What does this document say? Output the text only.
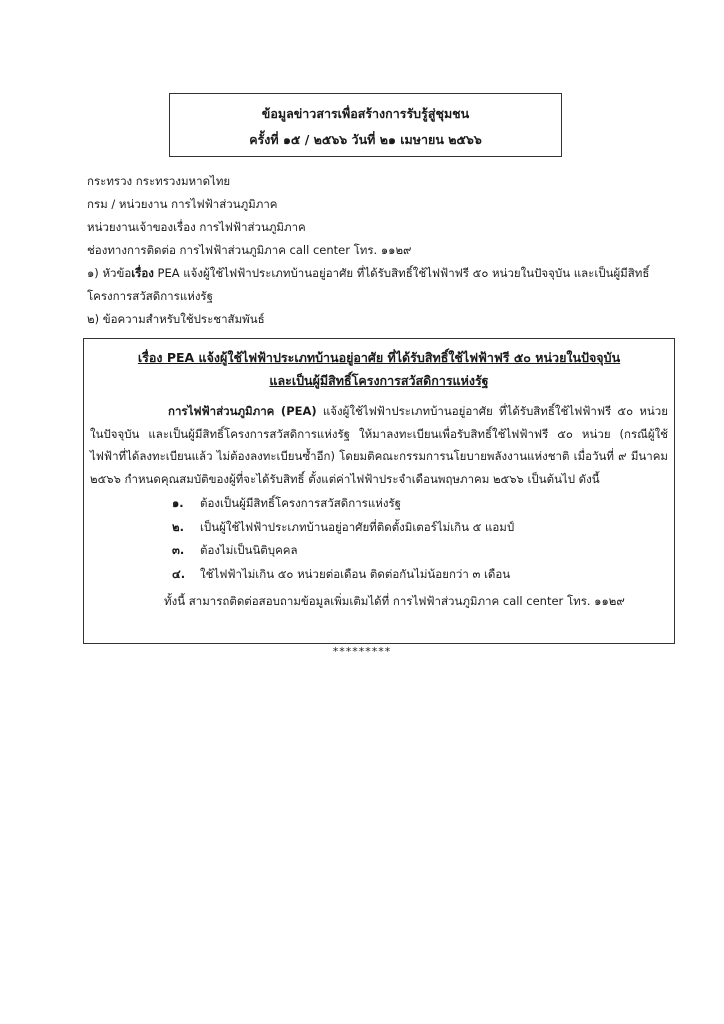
ข้อมูลข่าวสารเพื่อสร้างการรับรู้สู่ชุมชน
ครั้งที่ ๑๕ / ๒๕๖๖ วันที่ ๒๑ เมษายน ๒๕๖๖
กระทรวง กระทรวงมหาดไทย
กรม / หน่วยงาน การไฟฟ้าส่วนภูมิภาค
หน่วยงานเจ้าของเรื่อง การไฟฟ้าส่วนภูมิภาค
ช่องทางการติดต่อ การไฟฟ้าส่วนภูมิภาค call center โทร. ๑๑๒๙
๑) หัวข้อเรื่อง PEA แจ้งผู้ใช้ไฟฟ้าประเภทบ้านอยู่อาศัย ที่ได้รับสิทธิ์ใช้ไฟฟ้าฟรี ๕๐ หน่วยในปัจจุบัน และเป็นผู้มีสิทธิ์โครงการสวัสดิการแห่งรัฐ
๒) ข้อความสำหรับใช้ประชาสัมพันธ์
เรื่อง PEA แจ้งผู้ใช้ไฟฟ้าประเภทบ้านอยู่อาศัย ที่ได้รับสิทธิ์ใช้ไฟฟ้าฟรี ๕๐ หน่วยในปัจจุบัน
และเป็นผู้มีสิทธิ์โครงการสวัสดิการแห่งรัฐ
การไฟฟ้าส่วนภูมิภาค (PEA) แจ้งผู้ใช้ไฟฟ้าประเภทบ้านอยู่อาศัย ที่ได้รับสิทธิ์ใช้ไฟฟ้าฟรี ๕๐ หน่วย ในปัจจุบัน และเป็นผู้มีสิทธิ์โครงการสวัสดิการแห่งรัฐ ให้มาลงทะเบียนเพื่อรับสิทธิ์ใช้ไฟฟ้าฟรี ๕๐ หน่วย (กรณีผู้ใช้ไฟฟ้าที่ได้ลงทะเบียนแล้ว ไม่ต้องลงทะเบียนซ้ำอีก) โดยมติคณะกรรมการนโยบายพลังงานแห่งชาติ เมื่อวันที่ ๙ มีนาคม ๒๕๖๖ กำหนดคุณสมบัติของผู้ที่จะได้รับสิทธิ์ ตั้งแต่ค่าไฟฟ้าประจำเดือนพฤษภาคม ๒๕๖๖ เป็นต้นไป ดังนี้
๑.	ต้องเป็นผู้มีสิทธิ์โครงการสวัสดิการแห่งรัฐ
๒.	เป็นผู้ใช้ไฟฟ้าประเภทบ้านอยู่อาศัยที่ติดตั้งมิเตอร์ไม่เกิน ๕ แอมป์
๓.	ต้องไม่เป็นนิติบุคคล
๔.	ใช้ไฟฟ้าไม่เกิน ๕๐ หน่วยต่อเดือน ติดต่อกันไม่น้อยกว่า ๓ เดือน
ทั้งนี้ สามารถติดต่อสอบถามข้อมูลเพิ่มเติมได้ที่ การไฟฟ้าส่วนภูมิภาค call center โทร. ๑๑๒๙
*********
